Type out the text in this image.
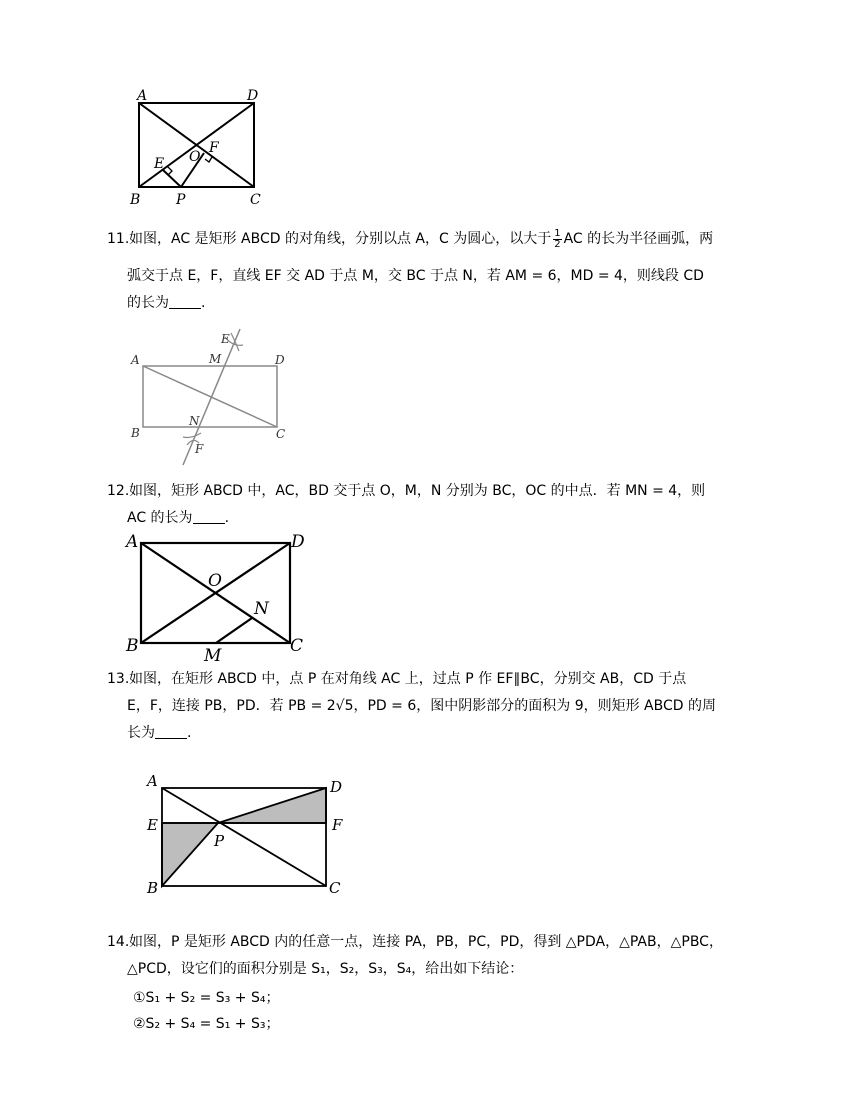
A	D
E O
F
B	P	C
11.如图，AC 是矩形 ABCD 的对角线，分别以点 A，C 为圆心，以大于 $\frac{1}{2}$ AC 的长为半径画弧，两
弧交于点 E，F，直线 EF 交 AD 于点 M，交 BC 于点 N，若 AM = 6，MD = 4，则线段 CD
的长为 .
A	M	D
E
N
B	C
F
12.如图，矩形 ABCD 中，AC，BD 交于点 O，M，N 分别为 BC，OC 的中点．若 MN = 4，则
AC 的长为 .
A	D
O
N
B	C
M
13.如图，在矩形 ABCD 中，点 P 在对角线 AC 上，过点 P 作 EF∥BC，分别交 AB，CD 于点
E，F，连接 PB，PD．若 PB = 2√5，PD = 6，图中阴影部分的面积为 9，则矩形 ABCD 的周
长为 .
A	D
E	F
P
B	C
14.如图，P 是矩形 ABCD 内的任意一点，连接 PA，PB，PC，PD，得到 △PDA，△PAB，△PBC，
△PCD，设它们的面积分别是 S₁，S₂，S₃，S₄，给出如下结论：
①S₁ + S₂ = S₃ + S₄；
②S₂ + S₄ = S₁ + S₃；
